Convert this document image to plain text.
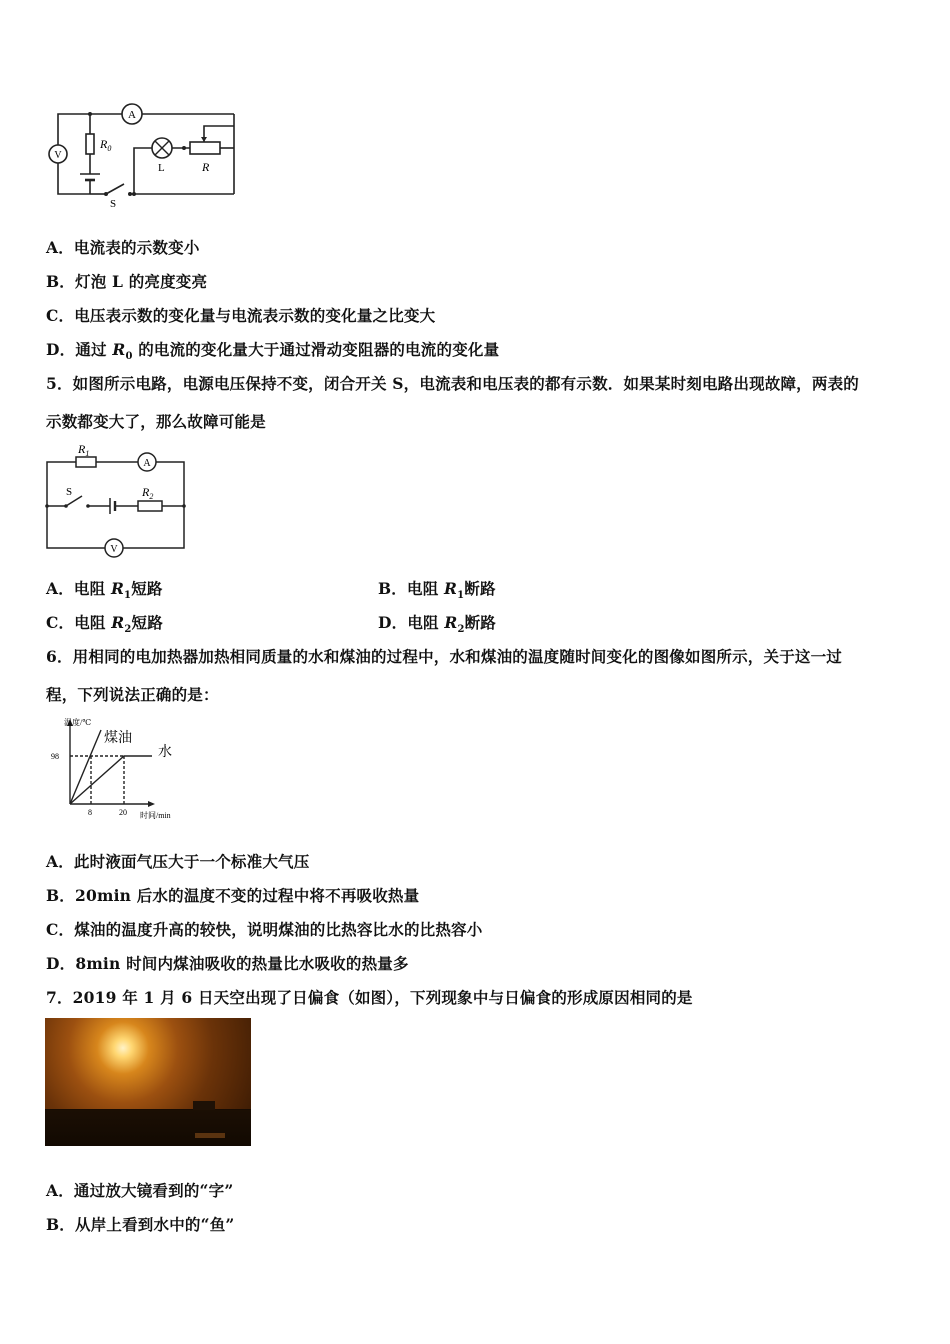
A
V
$R_0$
L	R
S
A．电流表的示数变小
B．灯泡 L 的亮度变亮
C．电压表示数的变化量与电流表示数的变化量之比变大
D．通过 $R_0$ 的电流的变化量大于通过滑动变阻器的电流的变化量
5．如图所示电路，电源电压保持不变，闭合开关 S，电流表和电压表的都有示数．如果某时刻电路出现故障，两表的
示数都变大了，那么故障可能是
A
V
$R_1$
S	$R_2$
A．电阻 $R_1$短路	B．电阻 $R_1$断路
C．电阻 $R_2$短路	D．电阻 $R_2$断路
6．用相同的电加热器加热相同质量的水和煤油的过程中，水和煤油的温度随时间变化的图像如图所示，关于这一过
程，下列说法正确的是：
温度/℃
98
8	20 时间/min
煤油
水
A．此时液面气压大于一个标准大气压
B．20min 后水的温度不变的过程中将不再吸收热量
C．煤油的温度升高的较快，说明煤油的比热容比水的比热容小
D．8min 时间内煤油吸收的热量比水吸收的热量多
7．2019 年 1 月 6 日天空出现了日偏食（如图），下列现象中与日偏食的形成原因相同的是
A．通过放大镜看到的“字”
B．从岸上看到水中的“鱼”
